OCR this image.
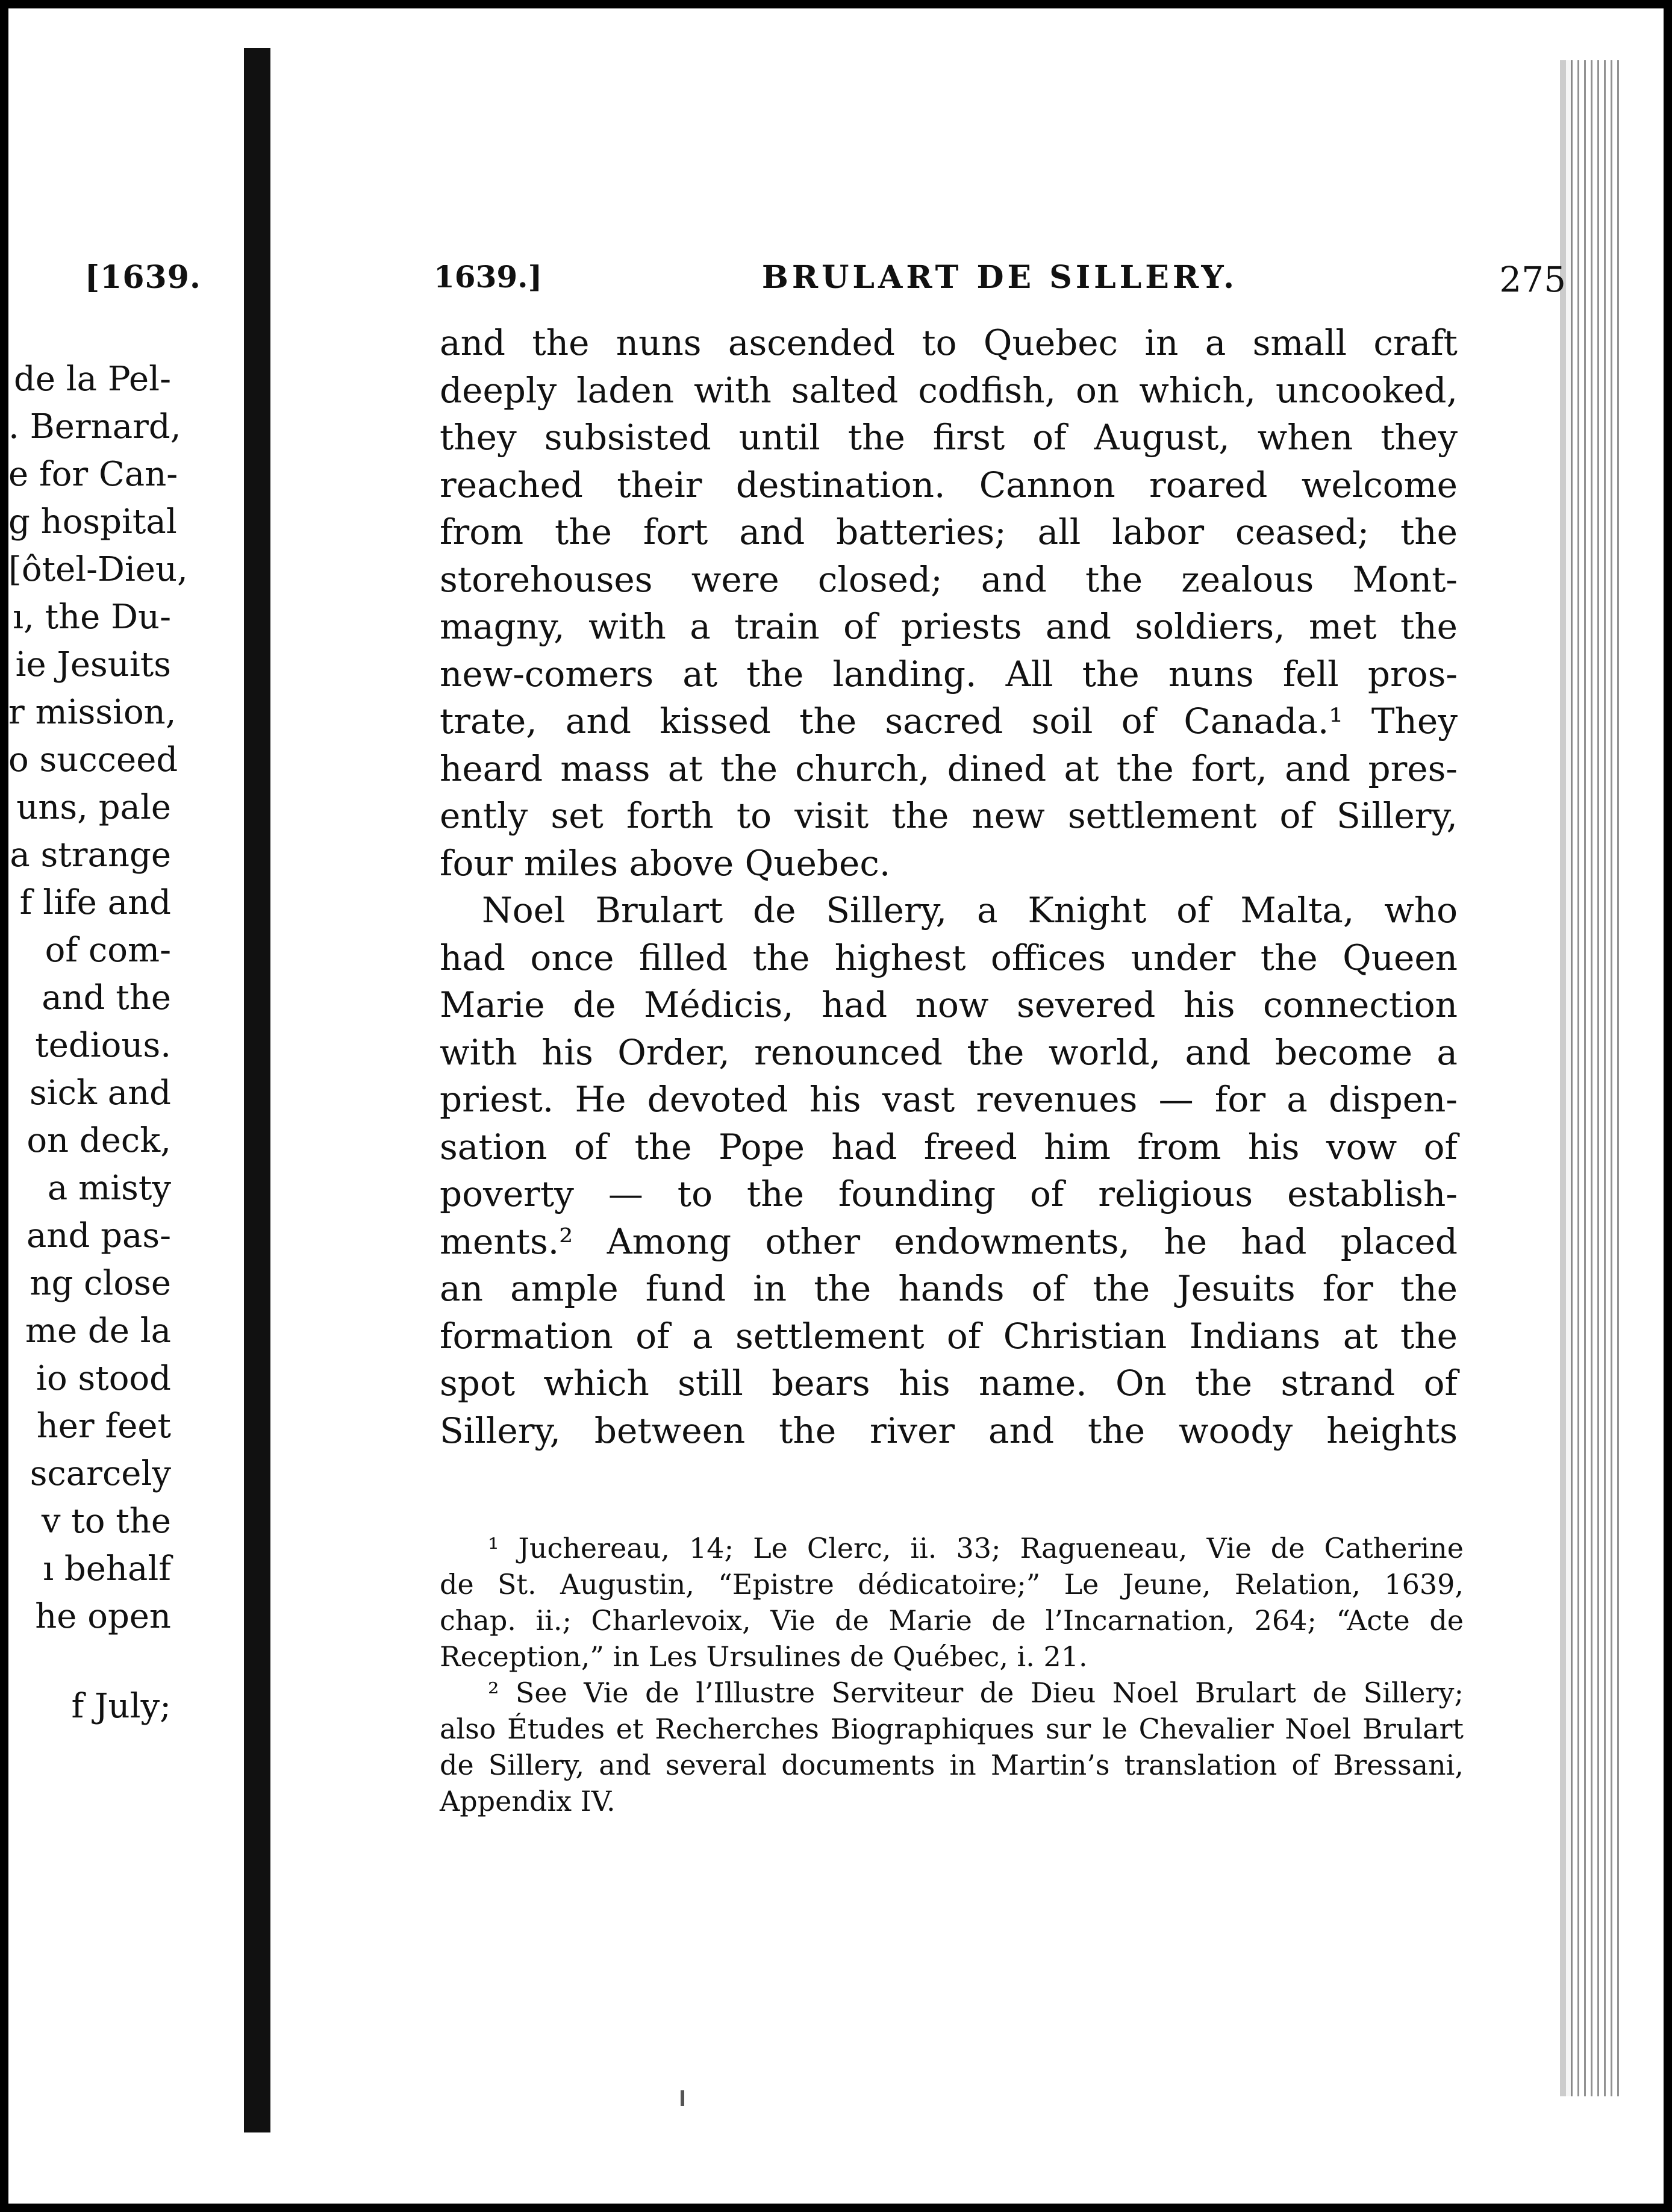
[1639.
de la Pel-
. Bernard,
e for Can-
g hospital
[ôtel-Dieu,
ı, the Du-
ie Jesuits
r mission,
o succeed
uns, pale
a strange
f life and
of com-
and the
tedious.
sick and
on deck,
a misty
and pas-
ng close
me de la
io stood
her feet
scarcely
v to the
ı behalf
he open
f July;
1639.]	BRULART DE SILLERY.	275
and the nuns ascended to Quebec in a small craft
deeply laden with salted codfish, on which, uncooked,
they subsisted until the first of August, when they
reached their destination. Cannon roared welcome
from the fort and batteries; all labor ceased; the
storehouses were closed; and the zealous Mont-
magny, with a train of priests and soldiers, met the
new-comers at the landing. All the nuns fell pros-
trate, and kissed the sacred soil of Canada.¹ They
heard mass at the church, dined at the fort, and pres-
ently set forth to visit the new settlement of Sillery,
four miles above Quebec.
Noel Brulart de Sillery, a Knight of Malta, who
had once filled the highest offices under the Queen
Marie de Médicis, had now severed his connection
with his Order, renounced the world, and become a
priest. He devoted his vast revenues — for a dispen-
sation of the Pope had freed him from his vow of
poverty — to the founding of religious establish-
ments.² Among other endowments, he had placed
an ample fund in the hands of the Jesuits for the
formation of a settlement of Christian Indians at the
spot which still bears his name. On the strand of
Sillery, between the river and the woody heights
¹ Juchereau, 14; Le Clerc, ii. 33; Ragueneau, Vie de Catherine
de St. Augustin, “Epistre dédicatoire;” Le Jeune, Relation, 1639,
chap. ii.; Charlevoix, Vie de Marie de l’Incarnation, 264; “Acte de
Reception,” in Les Ursulines de Québec, i. 21.
² See Vie de l’Illustre Serviteur de Dieu Noel Brulart de Sillery;
also Études et Recherches Biographiques sur le Chevalier Noel Brulart
de Sillery, and several documents in Martin’s translation of Bressani,
Appendix IV.
